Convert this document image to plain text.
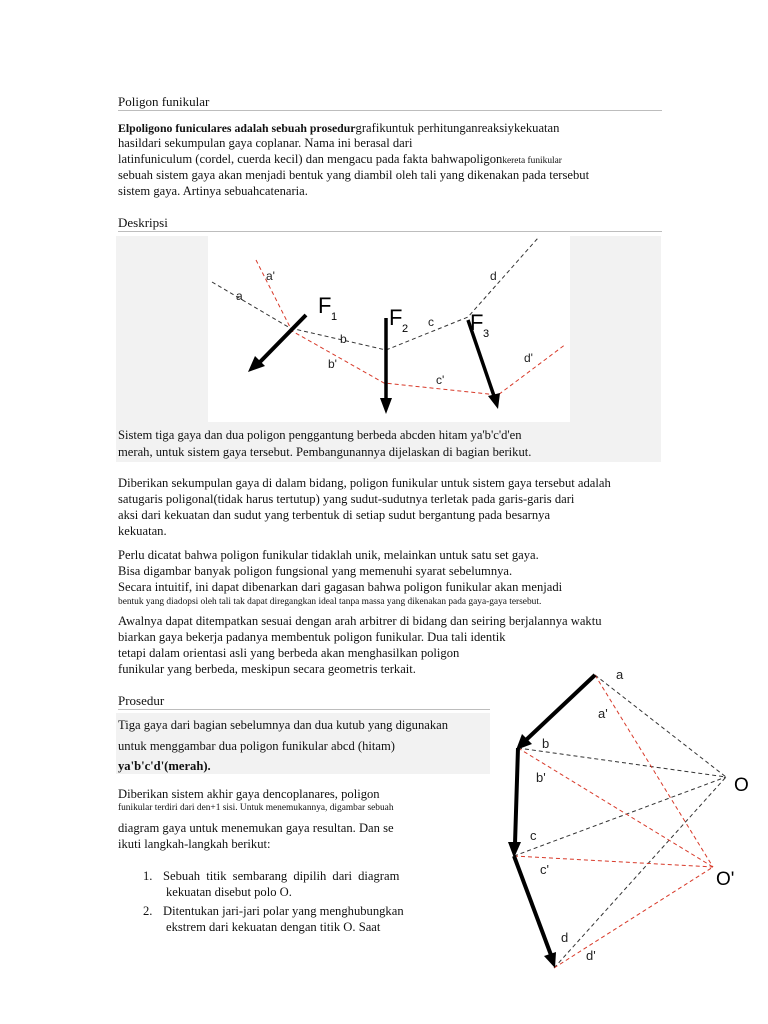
Poligon funikular
Elpoligono funiculares adalah sebuah prosedurgrafikuntuk perhitunganreaksiykekuatan
hasildari sekumpulan gaya coplanar. Nama ini berasal dari
latinfuniculum (cordel, cuerda kecil) dan mengacu pada fakta bahwapoligonkereta funikular
sebuah sistem gaya akan menjadi bentuk yang diambil oleh tali yang dikenakan pada tersebut
sistem gaya. Artinya sebuahcatenaria.
Deskripsi
a'
a
b
b'
c
c'
d
d'
F 1 F 2	F 3
Sistem tiga gaya dan dua poligon penggantung berbeda abcden hitam ya'b'c'd'en
merah, untuk sistem gaya tersebut. Pembangunannya dijelaskan di bagian berikut.
Diberikan sekumpulan gaya di dalam bidang, poligon funikular untuk sistem gaya tersebut adalah
satugaris poligonal(tidak harus tertutup) yang sudut-sudutnya terletak pada garis-garis dari
aksi dari kekuatan dan sudut yang terbentuk di setiap sudut bergantung pada besarnya
kekuatan.
Perlu dicatat bahwa poligon funikular tidaklah unik, melainkan untuk satu set gaya.
Bisa digambar banyak poligon fungsional yang memenuhi syarat sebelumnya.
Secara intuitif, ini dapat dibenarkan dari gagasan bahwa poligon funikular akan menjadi
bentuk yang diadopsi oleh tali tak dapat diregangkan ideal tanpa massa yang dikenakan pada gaya-gaya tersebut.
Awalnya dapat ditempatkan sesuai dengan arah arbitrer di bidang dan seiring berjalannya waktu
biarkan gaya bekerja padanya membentuk poligon funikular. Dua tali identik
tetapi dalam orientasi asli yang berbeda akan menghasilkan poligon
funikular yang berbeda, meskipun secara geometris terkait.
Prosedur
Tiga gaya dari bagian sebelumnya dan dua kutub yang digunakan
untuk menggambar dua poligon funikular abcd (hitam)
ya'b'c'd'(merah).
Diberikan sistem akhir gaya dencoplanares, poligon
funikular terdiri dari den+1 sisi. Untuk menemukannya, digambar sebuah
diagram gaya untuk menemukan gaya resultan. Dan se
ikuti langkah-langkah berikut:
1. Sebuah titik sembarang dipilih dari diagram
kekuatan disebut polo O.
2. Ditentukan jari-jari polar yang menghubungkan
ekstrem dari kekuatan dengan titik O. Saat
a
a'
b
b'
c
c'
d
d'
O
O'
